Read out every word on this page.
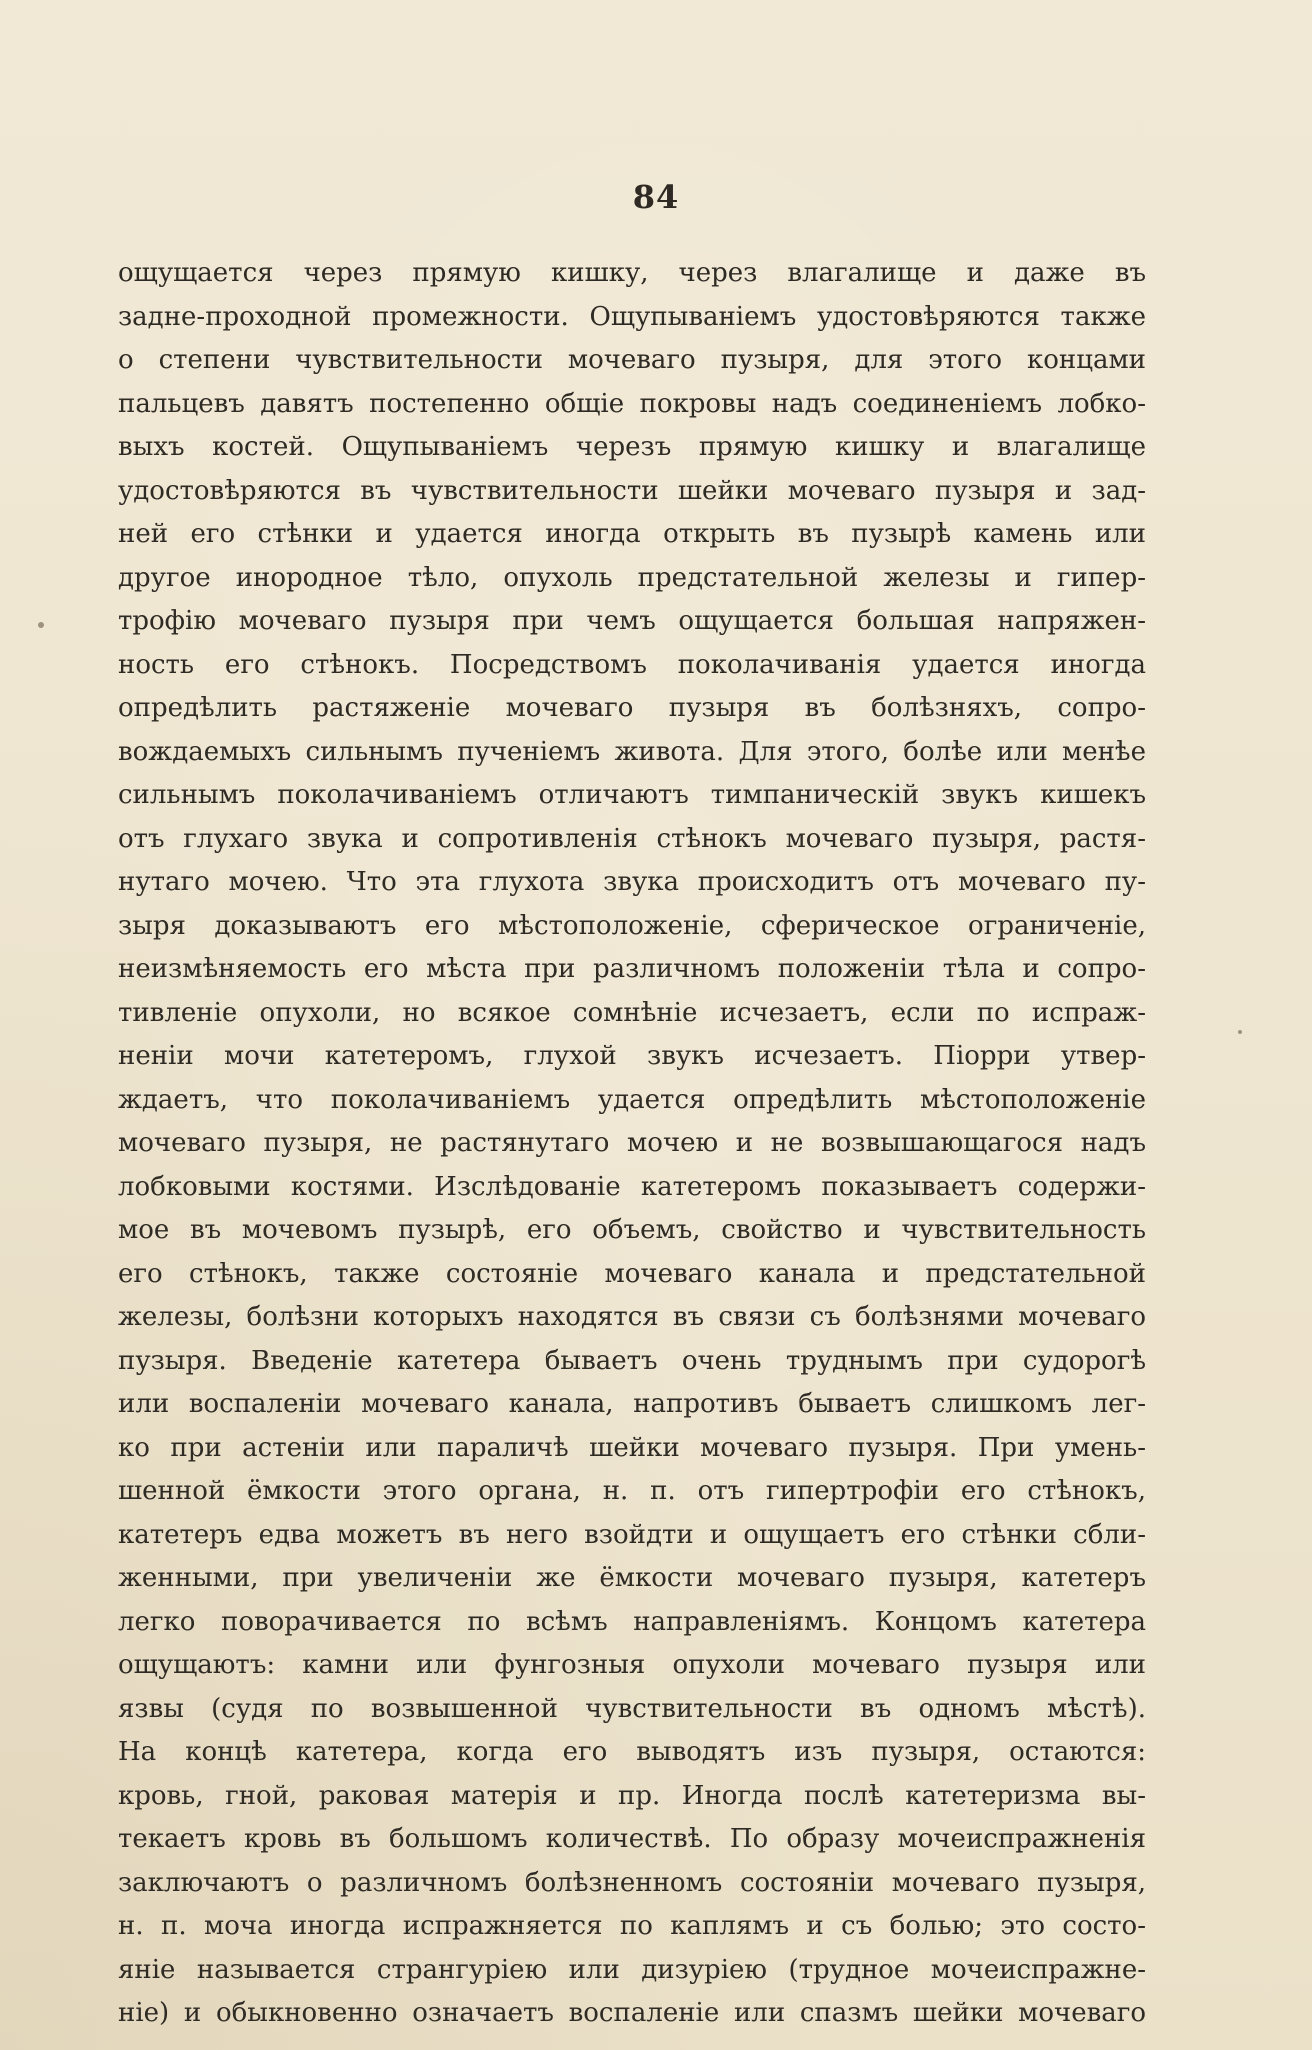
84
ощущается через прямую кишку, через влагалище и даже въ
задне-проходной промежности. Ощупываніемъ удостовѣряются также
о степени чувствительности мочеваго пузыря, для этого концами
пальцевъ давятъ постепенно общіе покровы надъ соединеніемъ лобко-
выхъ костей. Ощупываніемъ черезъ прямую кишку и влагалище
удостовѣряются въ чувствительности шейки мочеваго пузыря и зад-
ней его стѣнки и удается иногда открыть въ пузырѣ камень или
другое инородное тѣло, опухоль предстательной железы и гипер-
трофію мочеваго пузыря при чемъ ощущается большая напряжен-
ность его стѣнокъ. Посредствомъ поколачиванія удается иногда
опредѣлить растяженіе мочеваго пузыря въ болѣзняхъ, сопро-
вождаемыхъ сильнымъ пученіемъ живота. Для этого, болѣе или менѣе
сильнымъ поколачиваніемъ отличаютъ тимпаническій звукъ кишекъ
отъ глухаго звука и сопротивленія стѣнокъ мочеваго пузыря, растя-
нутаго мочею. Что эта глухота звука происходитъ отъ мочеваго пу-
зыря доказываютъ его мѣстоположеніе, сферическое ограниченіе,
неизмѣняемость его мѣста при различномъ положеніи тѣла и сопро-
тивленіе опухоли, но всякое сомнѣніе исчезаетъ, если по испраж-
неніи мочи катетеромъ, глухой звукъ исчезаетъ. Піорри утвер-
ждаетъ, что поколачиваніемъ удается опредѣлить мѣстоположеніе
мочеваго пузыря, не растянутаго мочею и не возвышающагося надъ
лобковыми костями. Изслѣдованіе катетеромъ показываетъ содержи-
мое въ мочевомъ пузырѣ, его объемъ, свойство и чувствительность
его стѣнокъ, также состояніе мочеваго канала и предстательной
железы, болѣзни которыхъ находятся въ связи съ болѣзнями мочеваго
пузыря. Введеніе катетера бываетъ очень труднымъ при судорогѣ
или воспаленіи мочеваго канала, напротивъ бываетъ слишкомъ лег-
ко при астеніи или параличѣ шейки мочеваго пузыря. При умень-
шенной ёмкости этого органа, н. п. отъ гипертрофіи его стѣнокъ,
катетеръ едва можетъ въ него взойдти и ощущаетъ его стѣнки сбли-
женными, при увеличеніи же ёмкости мочеваго пузыря, катетеръ
легко поворачивается по всѣмъ направленіямъ. Концомъ катетера
ощущаютъ: камни или фунгозныя опухоли мочеваго пузыря или
язвы (судя по возвышенной чувствительности въ одномъ мѣстѣ).
На концѣ катетера, когда его выводятъ изъ пузыря, остаются:
кровь, гной, раковая матерія и пр. Иногда послѣ катетеризма вы-
текаетъ кровь въ большомъ количествѣ. По образу мочеиспражненія
заключаютъ о различномъ болѣзненномъ состояніи мочеваго пузыря,
н. п. моча иногда испражняется по каплямъ и съ болью; это состо-
яніе называется странгуріею или дизуріею (трудное мочеиспражне-
ніе) и обыкновенно означаетъ воспаленіе или спазмъ шейки мочеваго
